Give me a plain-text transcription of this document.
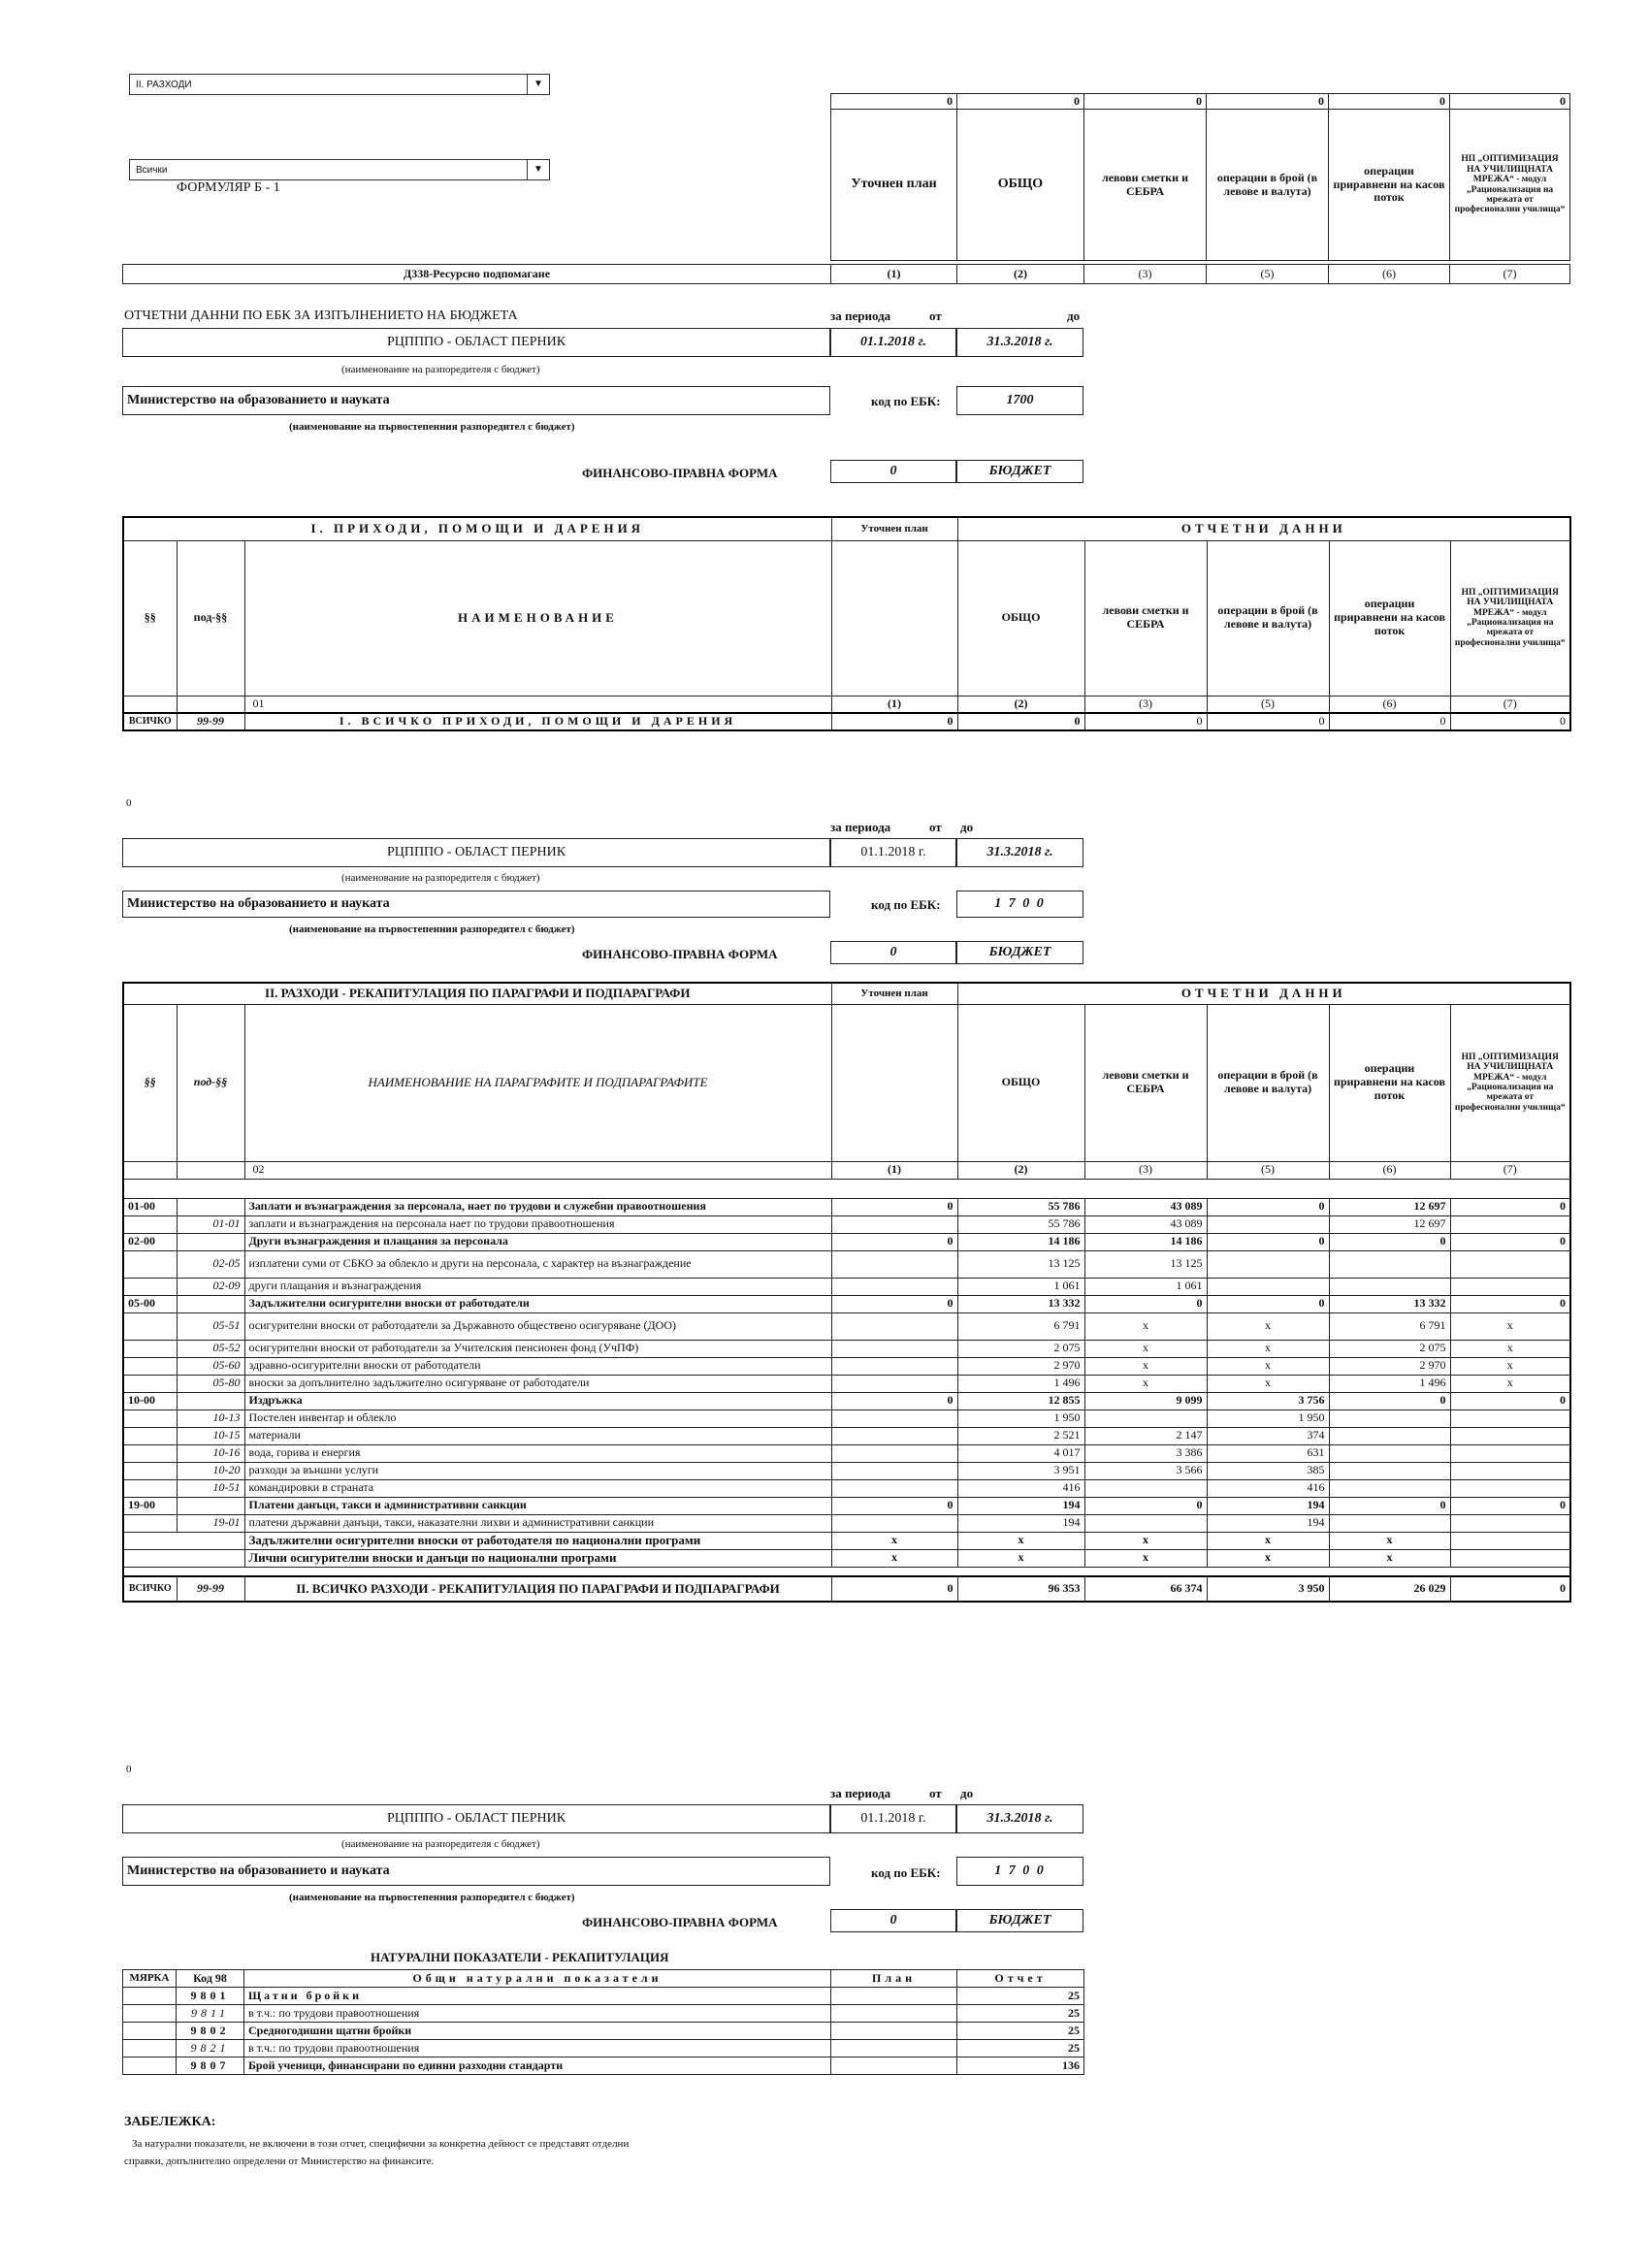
II. РАЗХОДИ	▼
Всички	▼
ФОРМУЛЯР Б - 1
0	0	0	0	0	0
Уточнен план	ОБЩО	левови сметки и СЕБРА	операции в брой (в левове и валута)	операции приравнени на касов поток	НП „ОПТИМИЗАЦИЯ НА УЧИЛИЩНАТА МРЕЖА“ - модул „Рационализация на мрежата от професионални училища“
Д338-Ресурсно подпомагане	(1)	(2)	(3)	(5)	(6)	(7)
ОТЧЕТНИ ДАННИ ПО ЕБК ЗА ИЗПЪЛНЕНИЕТО НА БЮДЖЕТА	за периода	от	до
РЦПППО - ОБЛАСТ ПЕРНИК	01.1.2018 г.	31.3.2018 г.
(наименование на разпоредителя с бюджет)
Министерство на образованието и науката	код по ЕБК:	1700
(наименование на първостепенния разпоредител с бюджет)
ФИНАНСОВО-ПРАВНА ФОРМА	0	БЮДЖЕТ
I. ПРИХОДИ, ПОМОЩИ И ДАРЕНИЯ			Уточнен план	ОТЧЕТНИ ДАННИ				
§§	под-§§	НАИМЕНОВАНИЕ		ОБЩО	левови сметки и СЕБРА	операции в брой (в левове и валута)	операции приравнени на касов поток	НП „ОПТИМИЗАЦИЯ НА УЧИЛИЩНАТА МРЕЖА“ - модул „Рационализация на мрежата от професионални училища“
		01	(1)	(2)	(3)	(5)	(6)	(7)
ВСИЧКО	99-99	I. ВСИЧКО ПРИХОДИ, ПОМОЩИ И ДАРЕНИЯ	0	0	0	0	0	0
0
за периода	от до
РЦПППО - ОБЛАСТ ПЕРНИК	01.1.2018 г.	31.3.2018 г.
(наименование на разпоредителя с бюджет)
Министерство на образованието и науката	код по ЕБК:	1 7 0 0
(наименование на първостепенния разпоредител с бюджет)
ФИНАНСОВО-ПРАВНА ФОРМА	0	БЮДЖЕТ
II. РАЗХОДИ - РЕКАПИТУЛАЦИЯ ПО ПАРАГРАФИ И ПОДПАРАГРАФИ			Уточнен план	ОТЧЕТНИ ДАННИ				
§§	под-§§	НАИМЕНОВАНИЕ НА ПАРАГРАФИТЕ И ПОДПАРАГРАФИТЕ		ОБЩО	левови сметки и СЕБРА	операции в брой (в левове и валута)	операции приравнени на касов поток	НП „ОПТИМИЗАЦИЯ НА УЧИЛИЩНАТА МРЕЖА“ - модул „Рационализация на мрежата от професионални училища“
		02	(1)	(2)	(3)	(5)	(6)	(7)

01-00		Заплати и възнаграждения за персонала, нает по трудови и служебни правоотношения	0	55 786	43 089	0	12 697	0
	01-01	заплати и възнаграждения на персонала нает по трудови правоотношения		55 786	43 089		12 697	
02-00		Други възнаграждения и плащания за персонала	0	14 186	14 186	0	0	0
	02-05	изплатени суми от СБКО за облекло и други на персонала, с характер на възнаграждение		13 125	13 125			
	02-09	други плащания и възнаграждения		1 061	1 061			
05-00		Задължителни осигурителни вноски от работодатели	0	13 332	0	0	13 332	0
	05-51	осигурителни вноски от работодатели за Държавното обществено осигуряване (ДОО)		6 791	x	x	6 791	x
	05-52	осигурителни вноски от работодатели за Учителския пенсионен фонд (УчПФ)		2 075	x	x	2 075	x
	05-60	здравно-осигурителни вноски от работодатели		2 970	x	x	2 970	x
	05-80	вноски за допълнително задължително осигуряване от работодатели		1 496	x	x	1 496	x
10-00		Издръжка	0	12 855	9 099	3 756	0	0
	10-13	Постелен инвентар и облекло		1 950		1 950		
	10-15	материали		2 521	2 147	374		
	10-16	вода, горива и енергия		4 017	3 386	631		
	10-20	разходи за външни услуги		3 951	3 566	385		
	10-51	командировки в страната		416		416		
19-00		Платени данъци, такси и административни санкции	0	194	0	194	0	0
	19-01	платени държавни данъци, такси, наказателни лихви и административни санкции		194		194		
		Задължителни осигурителни вноски от работодателя по национални програми	x	x	x	x	x	
		Лични осигурителни вноски и данъци по национални програми	x	x	x	x	x	

ВСИЧКО	99-99	II. ВСИЧКО РАЗХОДИ - РЕКАПИТУЛАЦИЯ ПО ПАРАГРАФИ И ПОДПАРАГРАФИ	0	96 353	66 374	3 950	26 029	0
0
за периода	от до
РЦПППО - ОБЛАСТ ПЕРНИК	01.1.2018 г.	31.3.2018 г.
(наименование на разпоредителя с бюджет)
Министерство на образованието и науката	код по ЕБК:	1 7 0 0
(наименование на първостепенния разпоредител с бюджет)
ФИНАНСОВО-ПРАВНА ФОРМА	0	БЮДЖЕТ
НАТУРАЛНИ ПОКАЗАТЕЛИ - РЕКАПИТУЛАЦИЯ
МЯРКА	Код 98	Общи натурални показатели	План	Отчет
	9801	Щатни бройки		25
	9811	в т.ч.: по трудови правоотношения		25
	9802	Средногодишни щатни бройки		25
	9821	в т.ч.: по трудови правоотношения		25
	9807	Брой ученици, финансирани по единни разходни стандарти		136
ЗАБЕЛЕЖКА:
За натурални показатели, не включени в този отчет, специфични за конкретна дейност се представят отделни
справки, допълнително определени от Министерство на финансите.
